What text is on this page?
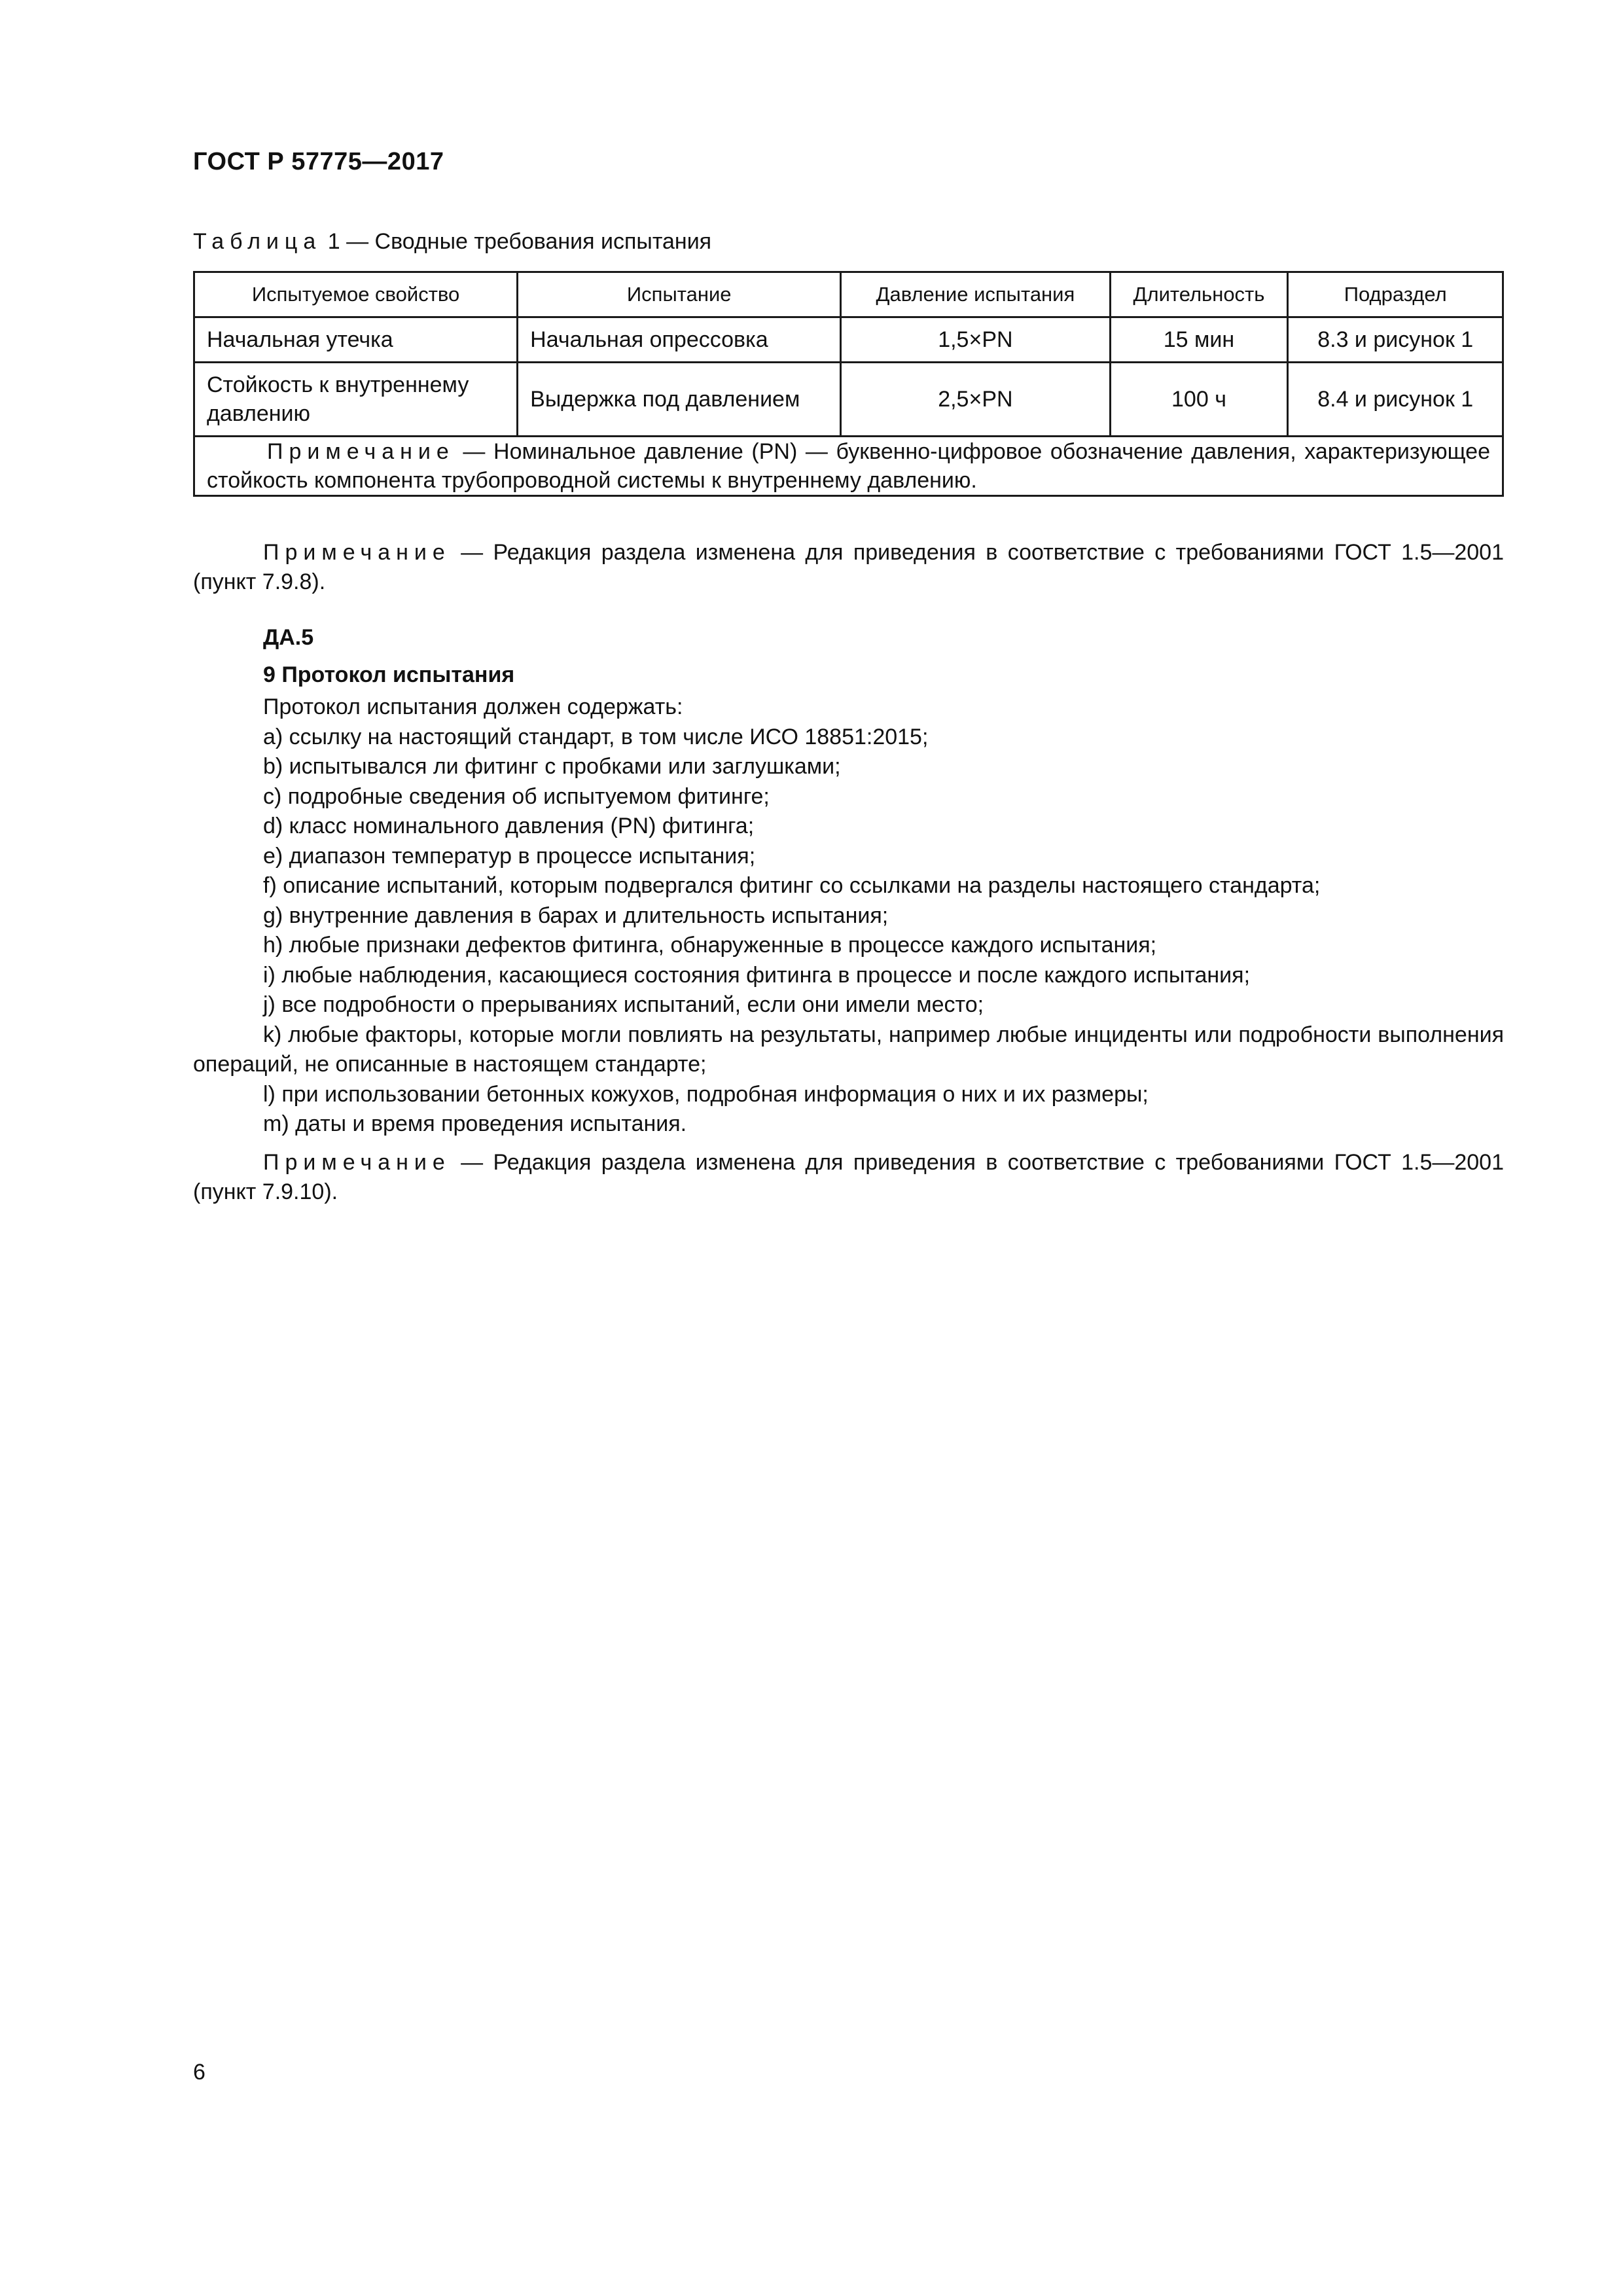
ГОСТ Р 57775—2017
Таблица 1 — Сводные требования испытания
Испытуемое свойство	Испытание	Давление испытания	Длительность	Подраздел
Начальная утечка	Начальная опрессовка	1,5×PN	15 мин	8.3 и рисунок 1
Стойкость к внутреннему давлению	Выдержка под давлением	2,5×PN	100 ч	8.4 и рисунок 1
Примечание — Номинальное давление (PN) — буквенно-цифровое обозначение давления, характеризующее стойкость компонента трубопроводной системы к внутреннему давлению.				
Примечание — Редакция раздела изменена для приведения в соответствие с требованиями ГОСТ 1.5—2001 (пункт 7.9.8).
ДА.5
9 Протокол испытания
Протокол испытания должен содержать:
a) ссылку на настоящий стандарт, в том числе ИСО 18851:2015;
b) испытывался ли фитинг с пробками или заглушками;
c) подробные сведения об испытуемом фитинге;
d) класс номинального давления (PN) фитинга;
e) диапазон температур в процессе испытания;
f) описание испытаний, которым подвергался фитинг со ссылками на разделы настоящего стандарта;
g) внутренние давления в барах и длительность испытания;
h) любые признаки дефектов фитинга, обнаруженные в процессе каждого испытания;
i) любые наблюдения, касающиеся состояния фитинга в процессе и после каждого испытания;
j) все подробности о прерываниях испытаний, если они имели место;
k) любые факторы, которые могли повлиять на результаты, например любые инциденты или подробности выполнения операций, не описанные в настоящем стандарте;
l) при использовании бетонных кожухов, подробная информация о них и их размеры;
m) даты и время проведения испытания.
Примечание — Редакция раздела изменена для приведения в соответствие с требованиями ГОСТ 1.5—2001 (пункт 7.9.10).
6
